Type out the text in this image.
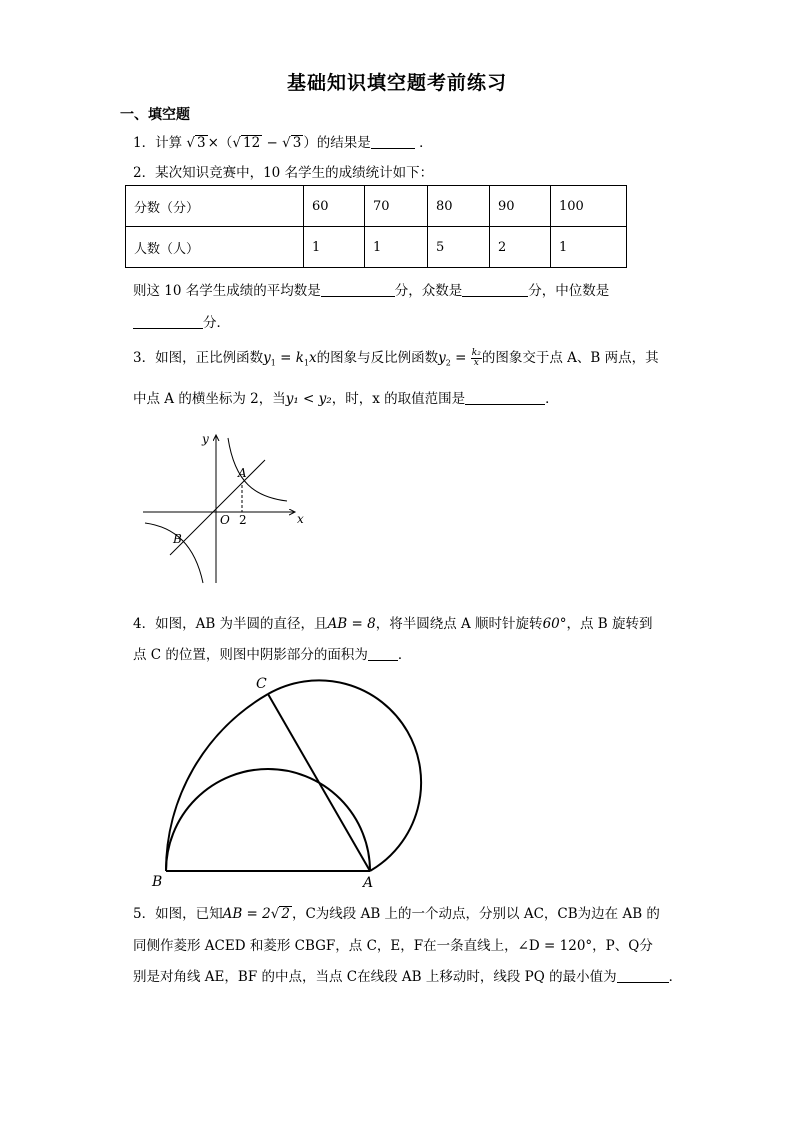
基础知识填空题考前练习
一、填空题
1．计算 √ 3 ×（√ 12 − √ 3 ）的结果是	．
2．某次知识竞赛中，10 名学生的成绩统计如下：
分数（分）	60	70	80	90	100
人数（人）	1	1	5	2	1
则这 10 名学生成绩的平均数是	分，众数是	分，中位数是
分．
3．如图，正比例函数$y_1 = k_1x$的图象与反比例函数$y_2 = \frac{\text{k₂}}{x}$ 的图象交于点 A、B 两点，其
中点 A 的横坐标为 2，当y₁ < y₂，时，x 的取值范围是	．
y
x
O 2
A
B
4．如图，AB 为半圆的直径，且AB = 8，将半圆绕点 A 顺时针旋转60°，点 B 旋转到
点 C 的位置，则图中阴影部分的面积为 ．
C
B	A
5．如图，已知AB = 2√ 2 ，C为线段 AB 上的一个动点，分别以 AC，CB为边在 AB 的
同侧作菱形 ACED 和菱形 CBGF，点 C，E，F在一条直线上，∠D = 120°，P、Q分
别是对角线 AE，BF 的中点，当点 C在线段 AB 上移动时，线段 PQ 的最小值为	．
